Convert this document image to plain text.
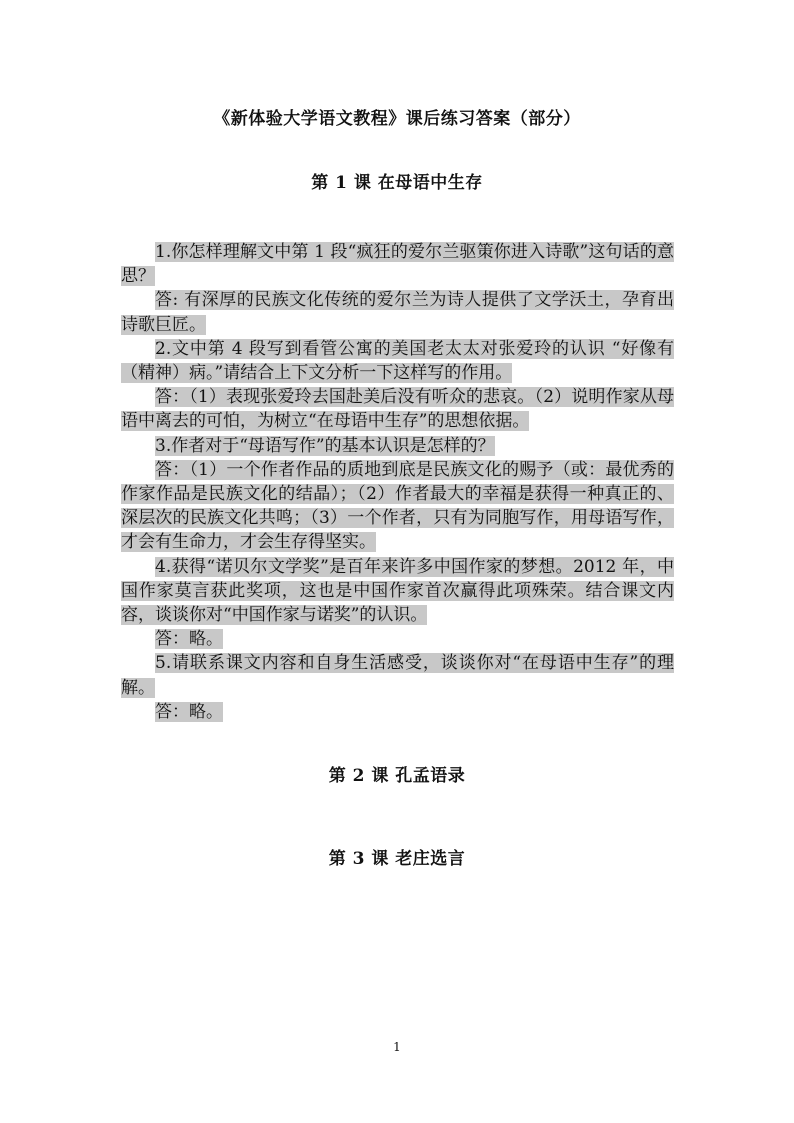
《新体验大学语文教程》课后练习答案（部分）
第 1 课 在母语中生存

1.你怎样理解文中第 1 段“疯狂的爱尔兰驱策你进入诗歌”这句话的意思？

答: 有深厚的民族文化传统的爱尔兰为诗人提供了文学沃土，孕育出诗歌巨匠。

2.文中第 4 段写到看管公寓的美国老太太对张爱玲的认识 “好像有（精神）病。”请结合上下文分析一下这样写的作用。

答：（1）表现张爱玲去国赴美后没有听众的悲哀。（2）说明作家从母语中离去的可怕，为树立“在母语中生存”的思想依据。

3.作者对于“母语写作”的基本认识是怎样的？

答：（1）一个作者作品的质地到底是民族文化的赐予（或：最优秀的作家作品是民族文化的结晶）；（2）作者最大的幸福是获得一种真正的、深层次的民族文化共鸣；（3）一个作者，只有为同胞写作，用母语写作，才会有生命力，才会生存得坚实。

4.获得“诺贝尔文学奖”是百年来许多中国作家的梦想。2012 年，中国作家莫言获此奖项，这也是中国作家首次赢得此项殊荣。结合课文内容，谈谈你对“中国作家与诺奖”的认识。

答：略。

5.请联系课文内容和自身生活感受，谈谈你对“在母语中生存”的理解。

答：略。

第 2 课 孔孟语录
第 3 课 老庄选言
1
